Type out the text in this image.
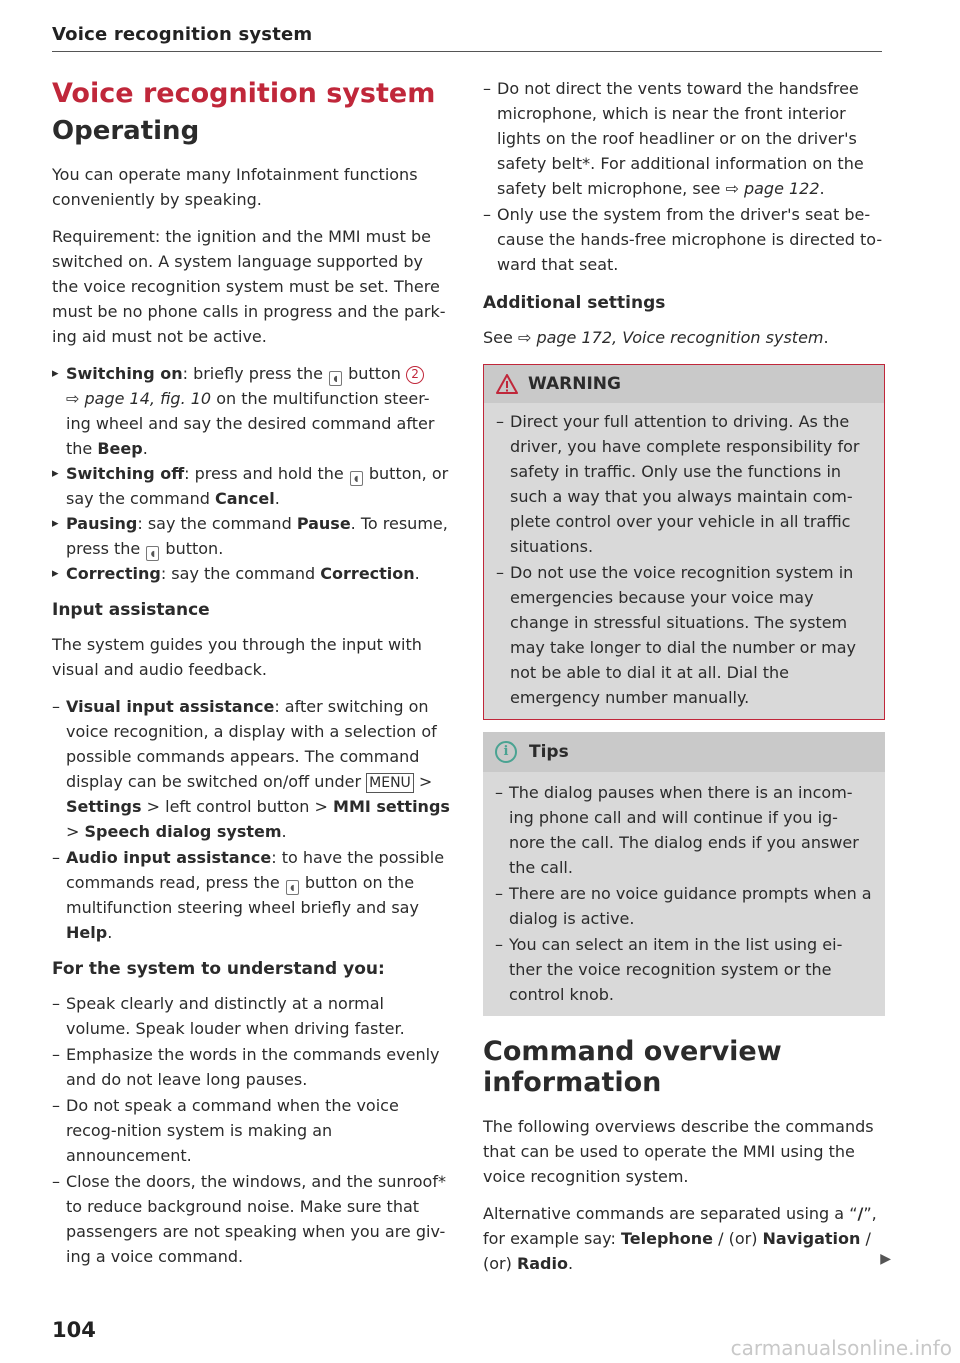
Voice recognition system
Voice recognition system
Operating

You can operate many Infotainment functions conveniently by speaking.

Requirement: the ignition and the MMI must be switched on. A system language supported by the voice recognition system must be set. There must be no phone calls in progress and the park-ing aid must not be active.

▸ Switching on: briefly press the ◖ button 2
⇨ page 14, fig. 10 on the multifunction steer-ing wheel and say the desired command after the Beep.
▸ Switching off: press and hold the ◖ button, or say the command Cancel.
▸ Pausing: say the command Pause. To resume, press the ◖ button.
▸ Correcting: say the command Correction.
Input assistance

The system guides you through the input with visual and audio feedback.

– Visual input assistance: after switching on voice recognition, a display with a selection of possible commands appears. The command display can be switched on/off under MENU > Settings > left control button > MMI settings > Speech dialog system.
– Audio input assistance: to have the possible commands read, press the ◖ button on the multifunction steering wheel briefly and say Help.
For the system to understand you:
– Speak clearly and distinctly at a normal volume. Speak louder when driving faster.
– Emphasize the words in the commands evenly and do not leave long pauses.
– Do not speak a command when the voice recog-nition system is making an announcement.
– Close the doors, the windows, and the sunroof* to reduce background noise. Make sure that passengers are not speaking when you are giv-ing a voice command.
– Do not direct the vents toward the handsfree microphone, which is near the front interior lights on the roof headliner or on the driver's safety belt*. For additional information on the safety belt microphone, see ⇨ page 122.
– Only use the system from the driver's seat be-cause the hands-free microphone is directed to-ward that seat.
Additional settings

See ⇨ page 172, Voice recognition system.

WARNING
– Direct your full attention to driving. As the driver, you have complete responsibility for safety in traffic. Only use the functions in such a way that you always maintain com-plete control over your vehicle in all traffic situations.
– Do not use the voice recognition system in emergencies because your voice may change in stressful situations. The system may take longer to dial the number or may not be able to dial it at all. Dial the emergency number manually.
i	Tips
– The dialog pauses when there is an incom-ing phone call and will continue if you ig-nore the call. The dialog ends if you answer the call.
– There are no voice guidance prompts when a dialog is active.
– You can select an item in the list using ei-ther the voice recognition system or the control knob.
Command overview information

The following overviews describe the commands that can be used to operate the MMI using the voice recognition system.

Alternative commands are separated using a “/”, for example say: Telephone / (or) Navigation / (or) Radio.	▶

104
carmanualsonline.info
